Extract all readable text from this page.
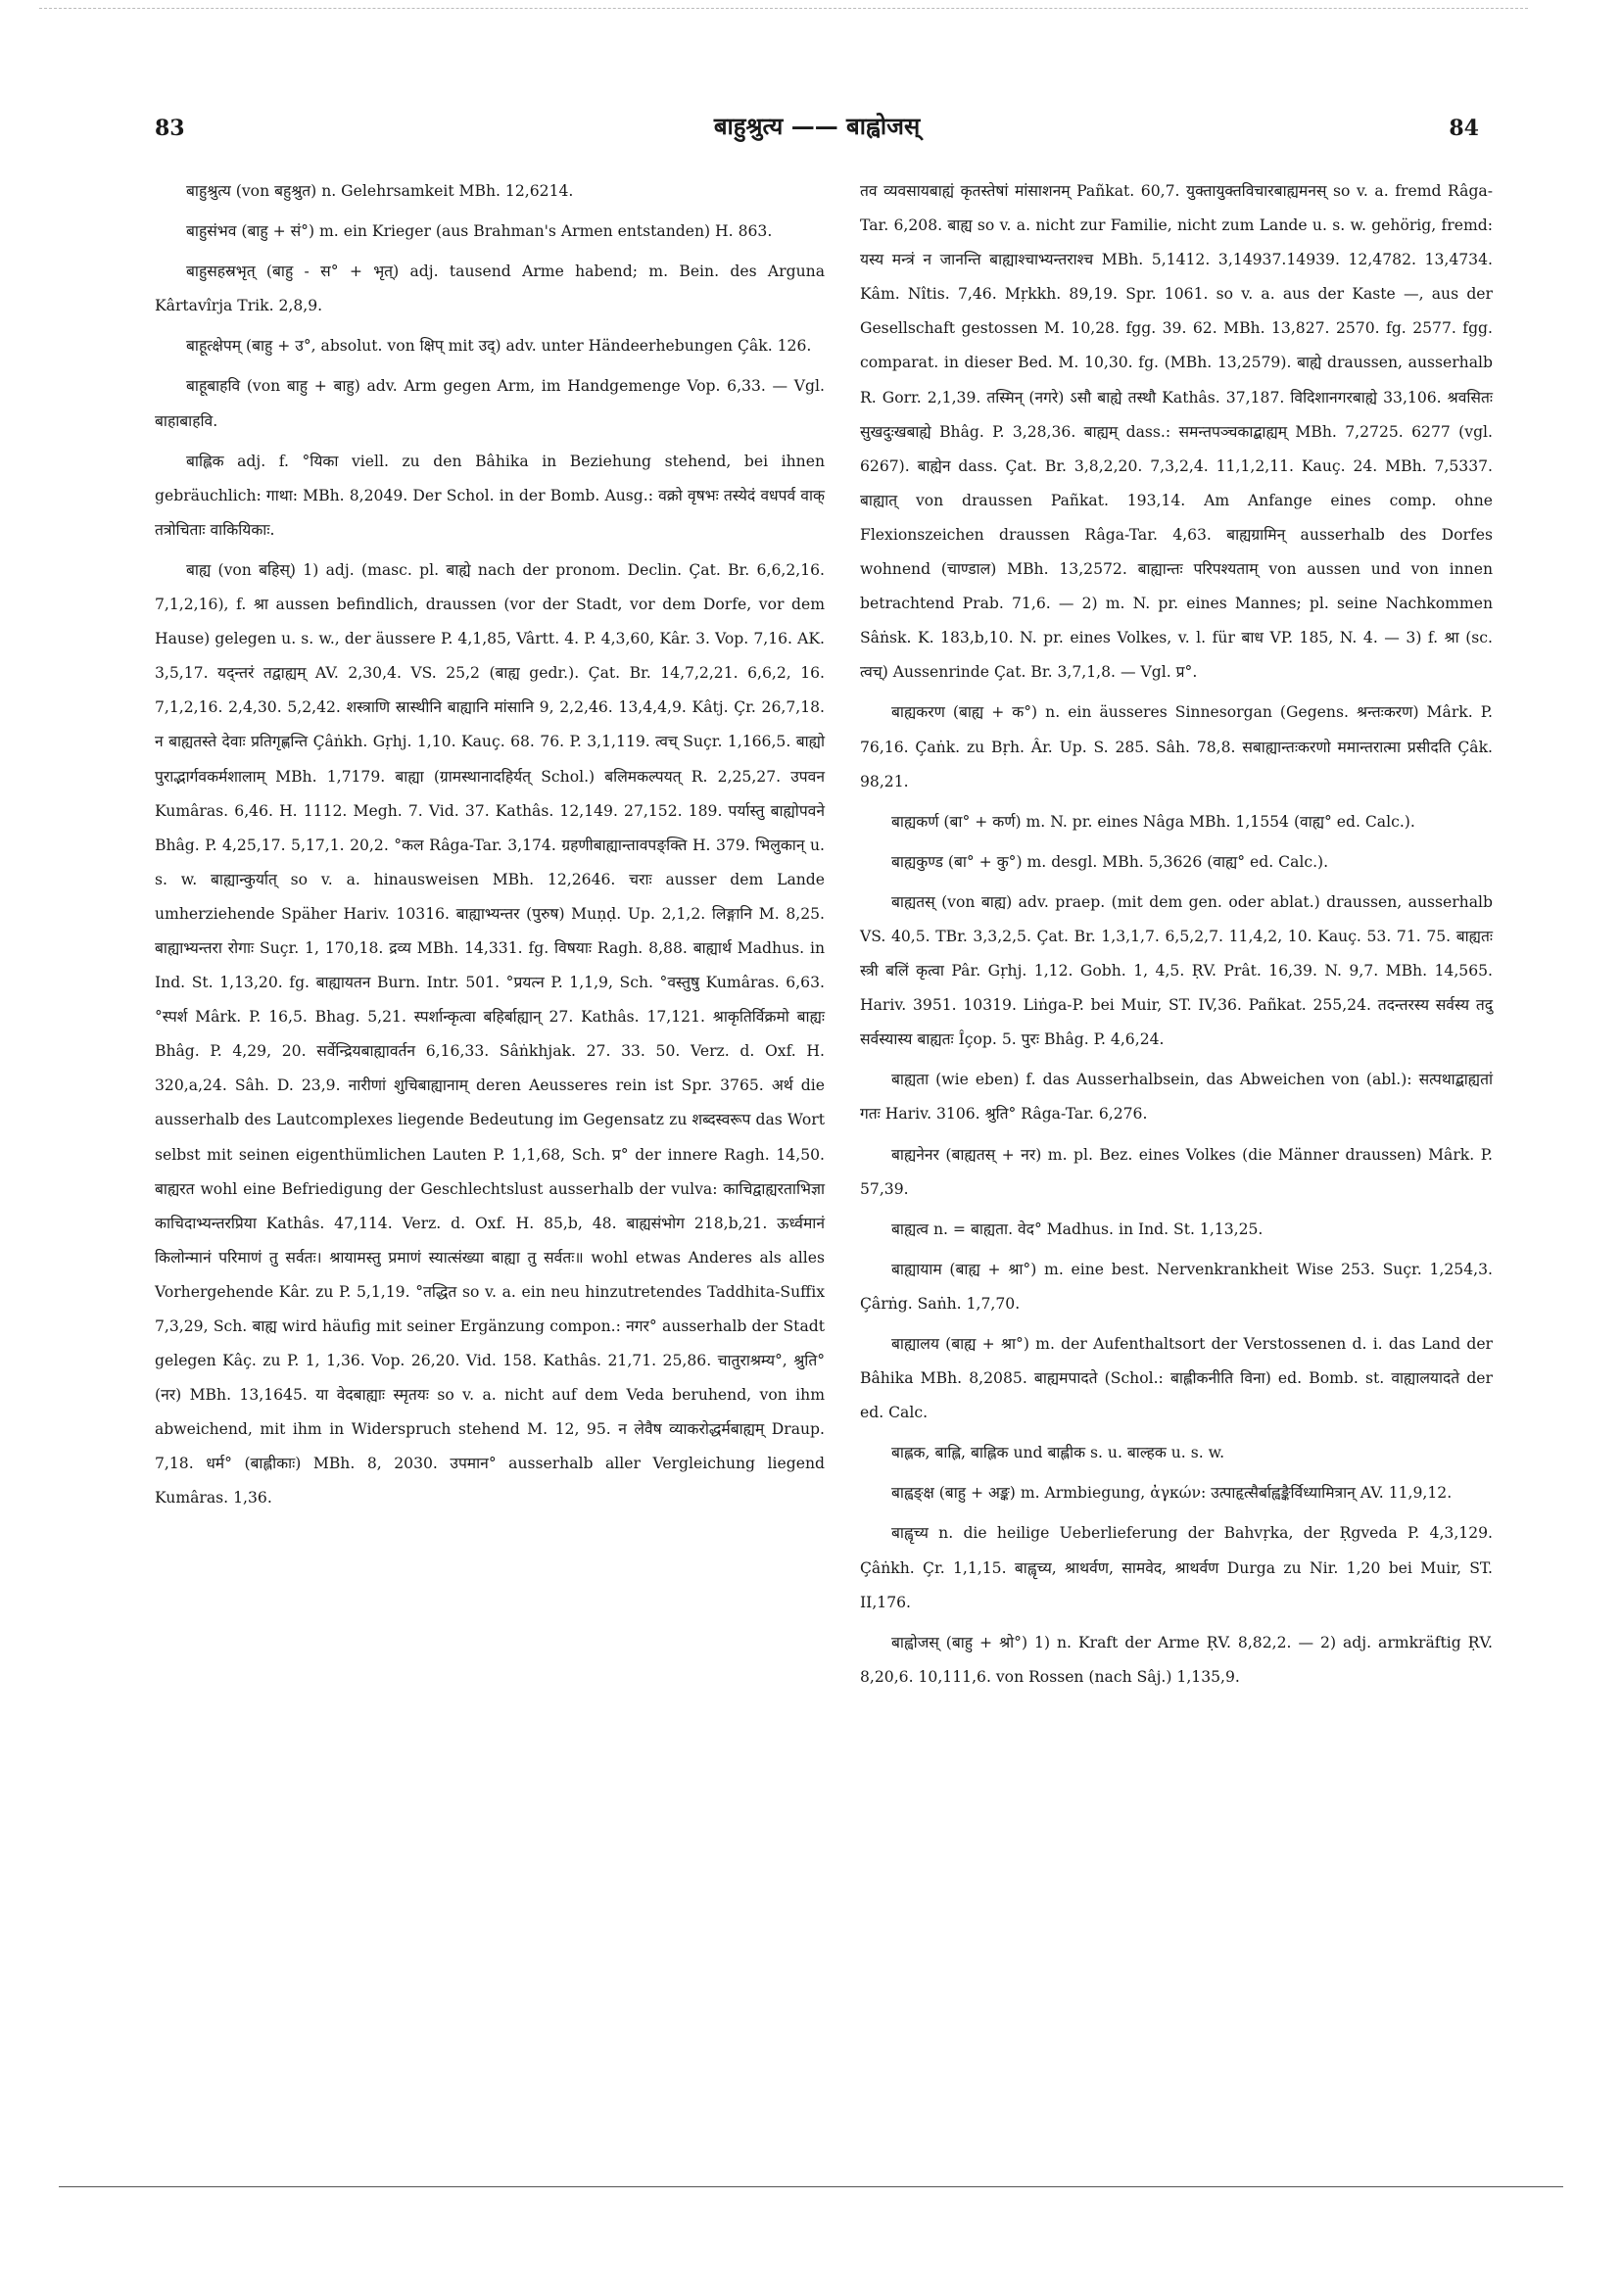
83	बाहुश्रुत्य —— बाह्वोजस्	84

बाहुश्रुत्य (von बहुश्रुत) n. Gelehrsamkeit MBh. 12,6214.

बाहुसंभव (बाहु + सं°) m. ein Krieger (aus Brahman's Armen entstanden) H. 863.

बाहुसहस्रभृत् (बाहु - स° + भृत्) adj. tausend Arme habend; m. Bein. des Arguna Kârtavîrja Trik. 2,8,9.

बाहूत्क्षेपम् (बाहु + उ°, absolut. von क्षिप् mit उद्) adv. unter Händeerhebungen Çâk. 126.

बाहूबाहवि (von बाहु + बाहु) adv. Arm gegen Arm, im Handgemenge Vop. 6,33. — Vgl. बाहाबाहवि.

बाह्लिक adj. f. °यिका viell. zu den Bâhika in Beziehung stehend, bei ihnen gebräuchlich: गाथा: MBh. 8,2049. Der Schol. in der Bomb. Ausg.: वक्रो वृषभः तस्येदं वधपर्व वाक् तत्रोचिताः वाकियिकाः.

बाह्य (von बहिस्) 1) adj. (masc. pl. बाह्ये nach der pronom. Declin. Çat. Br. 6,6,2,16. 7,1,2,16), f. श्रा aussen befindlich, draussen (vor der Stadt, vor dem Dorfe, vor dem Hause) gelegen u. s. w., der äussere P. 4,1,85, Vârtt. 4. P. 4,3,60, Kâr. 3. Vop. 7,16. AK. 3,5,17. यद्न्तरं तद्वाह्यम् AV. 2,30,4. VS. 25,2 (बाह्य gedr.). Çat. Br. 14,7,2,21. 6,6,2, 16. 7,1,2,16. 2,4,30. 5,2,42. शस्त्राणि स्रास्थीनि बाह्यानि मांसानि 9, 2,2,46. 13,4,4,9. Kâtj. Çr. 26,7,18. न बाह्यतस्ते देवाः प्रतिगृह्णन्ति Çâṅkh. Gṛhj. 1,10. Kauç. 68. 76. P. 3,1,119. त्वच् Suçr. 1,166,5. बाह्यो पुराद्भार्गवकर्मशालाम् MBh. 1,7179. बाह्या (ग्रामस्थानादहिर्यत् Schol.) बलिमकल्पयत् R. 2,25,27. उपवन Kumâras. 6,46. H. 1112. Megh. 7. Vid. 37. Kathâs. 12,149. 27,152. 189. पर्यास्तु बाह्योपवने Bhâg. P. 4,25,17. 5,17,1. 20,2. °कल Râga-Tar. 3,174. ग्रहणीबाह्यान्तावपङ्क्ति H. 379. भिलुकान् u. s. w. बाह्यान्कुर्यात् so v. a. hinausweisen MBh. 12,2646. चराः ausser dem Lande umherziehende Späher Hariv. 10316. बाह्याभ्यन्तर (पुरुष) Muṇḍ. Up. 2,1,2. लिङ्गानि M. 8,25. बाह्याभ्यन्तरा रोगाः Suçr. 1, 170,18. द्रव्य MBh. 14,331. fg. विषयाः Ragh. 8,88. बाह्यार्थ Madhus. in Ind. St. 1,13,20. fg. बाह्यायतन Burn. Intr. 501. °प्रयत्न P. 1,1,9, Sch. °वस्तुषु Kumâras. 6,63. °स्पर्श Mârk. P. 16,5. Bhag. 5,21. स्पर्शान्कृत्वा बहिर्बाह्यान् 27. Kathâs. 17,121. श्राकृतिर्विक्रमो बाह्यः Bhâg. P. 4,29, 20. सर्वेन्द्रियबाह्यावर्तन 6,16,33. Sâṅkhjak. 27. 33. 50. Verz. d. Oxf. H. 320,a,24. Sâh. D. 23,9. नारीणां शुचिबाह्यानाम् deren Aeusseres rein ist Spr. 3765. अर्थ die ausserhalb des Lautcomplexes liegende Bedeutung im Gegensatz zu शब्दस्वरूप das Wort selbst mit seinen eigenthümlichen Lauten P. 1,1,68, Sch. प्र° der innere Ragh. 14,50. बाह्यरत wohl eine Befriedigung der Geschlechtslust ausserhalb der vulva: काचिद्वाह्यरताभिज्ञा काचिदाभ्यन्तरप्रिया Kathâs. 47,114. Verz. d. Oxf. H. 85,b, 48. बाह्यसंभोग 218,b,21. ऊर्ध्वमानं किलोन्मानं परिमाणं तु सर्वतः। श्रायामस्तु प्रमाणं स्यात्संख्या बाह्या तु सर्वतः॥ wohl etwas Anderes als alles Vorhergehende Kâr. zu P. 5,1,19. °तद्धित so v. a. ein neu hinzutretendes Taddhita-Suffix 7,3,29, Sch. बाह्य wird häufig mit seiner Ergänzung compon.: नगर° ausserhalb der Stadt gelegen Kâç. zu P. 1, 1,36. Vop. 26,20. Vid. 158. Kathâs. 21,71. 25,86. चातुराश्रम्य°, श्रुति° (नर) MBh. 13,1645. या वेदबाह्याः स्मृतयः so v. a. nicht auf dem Veda beruhend, von ihm abweichend, mit ihm in Widerspruch stehend M. 12, 95. न लेवैष व्याकरोद्धर्मबाह्यम् Draup. 7,18. धर्म° (बाह्लीकाः) MBh. 8, 2030. उपमान° ausserhalb aller Vergleichung liegend Kumâras. 1,36.

तव व्यवसायबाह्यं कृतस्तेषां मांसाशनम् Pañkat. 60,7. युक्तायुक्तविचारबाह्यमनस् so v. a. fremd Râga-Tar. 6,208. बाह्य so v. a. nicht zur Familie, nicht zum Lande u. s. w. gehörig, fremd: यस्य मन्त्रं न जानन्ति बाह्याश्चाभ्यन्तराश्च MBh. 5,1412. 3,14937.14939. 12,4782. 13,4734. Kâm. Nîtis. 7,46. Mṛkkh. 89,19. Spr. 1061. so v. a. aus der Kaste —, aus der Gesellschaft gestossen M. 10,28. fgg. 39. 62. MBh. 13,827. 2570. fg. 2577. fgg. comparat. in dieser Bed. M. 10,30. fg. (MBh. 13,2579). बाह्ये draussen, ausserhalb R. Gorr. 2,1,39. तस्मिन् (नगरे) ऽसौ बाह्ये तस्थौ Kathâs. 37,187. विदिशानगरबाह्ये 33,106. श्रवसितः सुखदुःखबाह्ये Bhâg. P. 3,28,36. बाह्यम् dass.: समन्तपञ्चकाद्बाह्यम् MBh. 7,2725. 6277 (vgl. 6267). बाह्येन dass. Çat. Br. 3,8,2,20. 7,3,2,4. 11,1,2,11. Kauç. 24. MBh. 7,5337. बाह्यात् von draussen Pañkat. 193,14. Am Anfange eines comp. ohne Flexionszeichen draussen Râga-Tar. 4,63. बाह्यग्रामिन् ausserhalb des Dorfes wohnend (चाण्डाल) MBh. 13,2572. बाह्यान्तः परिपश्यताम् von aussen und von innen betrachtend Prab. 71,6. — 2) m. N. pr. eines Mannes; pl. seine Nachkommen Sâṅsk. K. 183,b,10. N. pr. eines Volkes, v. l. für बाध VP. 185, N. 4. — 3) f. श्रा (sc. त्वच्) Aussenrinde Çat. Br. 3,7,1,8. — Vgl. प्र°.

बाह्यकरण (बाह्य + क°) n. ein äusseres Sinnesorgan (Gegens. श्रन्तःकरण) Mârk. P. 76,16. Çaṅk. zu Bṛh. Âr. Up. S. 285. Sâh. 78,8. सबाह्यान्तःकरणो ममान्तरात्मा प्रसीदति Çâk. 98,21.

बाह्यकर्ण (बा° + कर्ण) m. N. pr. eines Nâga MBh. 1,1554 (वाह्य° ed. Calc.).

बाह्यकुण्ड (बा° + कु°) m. desgl. MBh. 5,3626 (वाह्य° ed. Calc.).

बाह्यतस् (von बाह्य) adv. praep. (mit dem gen. oder ablat.) draussen, ausserhalb VS. 40,5. TBr. 3,3,2,5. Çat. Br. 1,3,1,7. 6,5,2,7. 11,4,2, 10. Kauç. 53. 71. 75. बाह्यतः स्त्री बलिं कृत्वा Pâr. Gṛhj. 1,12. Gobh. 1, 4,5. ṚV. Prât. 16,39. N. 9,7. MBh. 14,565. Hariv. 3951. 10319. Liṅga-P. bei Muir, ST. IV,36. Pañkat. 255,24. तदन्तरस्य सर्वस्य तदु सर्वस्यास्य बाह्यतः Îçop. 5. पुरः Bhâg. P. 4,6,24.

बाह्यता (wie eben) f. das Ausserhalbsein, das Abweichen von (abl.): सत्पथाद्बाह्यतां गतः Hariv. 3106. श्रुति° Râga-Tar. 6,276.

बाह्यनेनर (बाह्यतस् + नर) m. pl. Bez. eines Volkes (die Männer draussen) Mârk. P. 57,39.

बाह्यत्व n. = बाह्यता. वेद° Madhus. in Ind. St. 1,13,25.

बाह्यायाम (बाह्य + श्रा°) m. eine best. Nervenkrankheit Wise 253. Suçr. 1,254,3. Çârṅg. Saṅh. 1,7,70.

बाह्यालय (बाह्य + श्रा°) m. der Aufenthaltsort der Verstossenen d. i. das Land der Bâhika MBh. 8,2085. बाह्यमपादते (Schol.: बाह्लीकनीति विना) ed. Bomb. st. वाह्यालयादते der ed. Calc.

बाह्लक, बाह्लि, बाह्लिक und बाह्लीक s. u. बाल्हक u. s. w.

बाह्वङ्क्ष (बाहु + अङ्क) m. Armbiegung, ἀγκών: उत्पाहृत्सैर्बाह्वङ्कैर्विध्यामित्रान् AV. 11,9,12.

बाह्वृच्य n. die heilige Ueberlieferung der Bahvṛka, der Ṛgveda P. 4,3,129. Çâṅkh. Çr. 1,1,15. बाह्वृच्य, श्राथर्वण, सामवेद, श्राथर्वण Durga zu Nir. 1,20 bei Muir, ST. II,176.

बाह्वोजस् (बाहु + श्रो°) 1) n. Kraft der Arme ṚV. 8,82,2. — 2) adj. armkräftig ṚV. 8,20,6. 10,111,6. von Rossen (nach Sâj.) 1,135,9.
